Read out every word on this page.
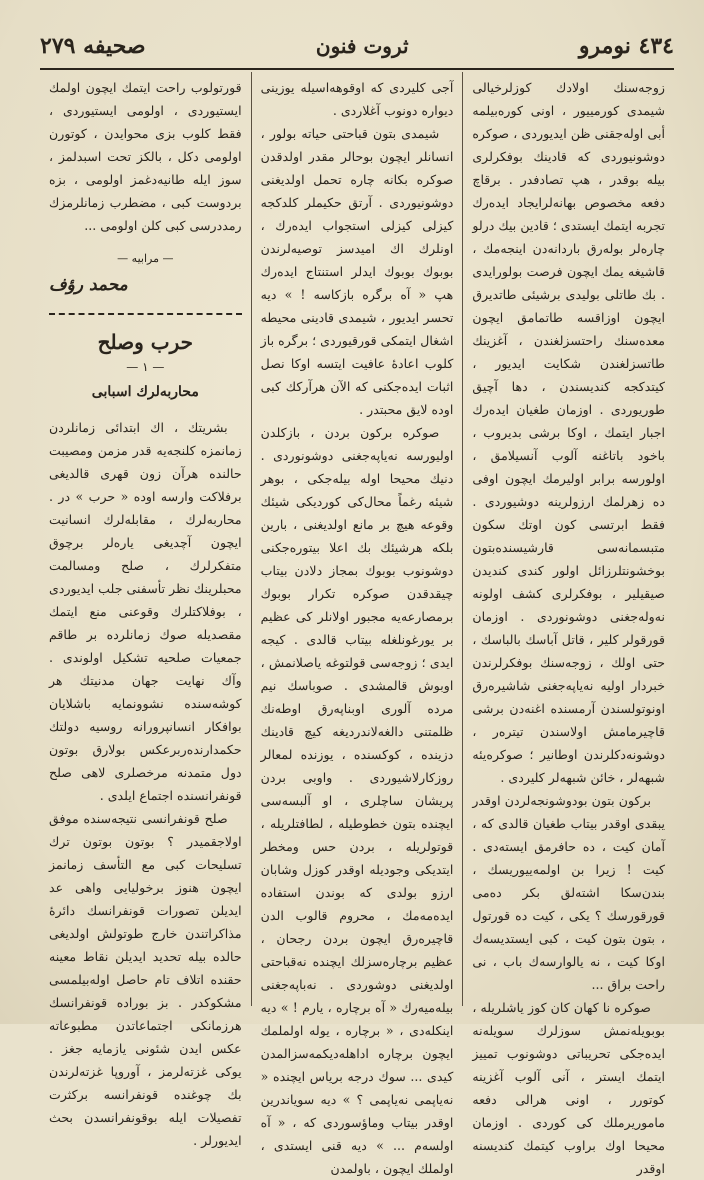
٤٣٤ نومرو
ثروت فنون
صحیفه ٢٧٩

زوجه‌سنك اولادك كوزلرخيالى شيمدى كورمیيور ، اونى كوره‌بيلمه‌ أبى اوله‌جقنى ظن ايديوردى ، صوكره دوشونيوردى كه قادينك بوفكرلرى بيله بوقدر ، هپ تصادفدر . برقاچ دفعه مخصوص بهانه‌لرايجاد ايده‌رك تجربه ايتمك ايستدى ؛ قادين بيك درلو چاره‌لر بوله‌رق باردانه‌دن اينجه‌مك ، قاشيغه يمك ايچون فرصت بولورايدى . بك طاتلى بوليدى برشيئى طاتديرق ايچون اوزاقسه طاتمامق ايچون معده‌سنك راحتسزلغندن ، آغزينك طاتسزلغندن شكايت ايديور ، كيتدكجه كنديسندن ، دها آچيق طوريوردى . اوزمان طغيان ايده‌رك اجبار ايتمك ، اوكا برشى بديروب ، باخود باتاغنه آلوب آنسيلامق ، اولورسه برابر اوليرمك ايچون اوفى ده زهرلمك ارزولرينه دوشيوردى . فقط ابرتسى كون اوتك سكون متبسمانه‌سى قارشيسنده‌بتون بوخشونتلرزائل اولور كندى كنديدن صيقيلير ، بوفكرلرى كشف اولونه‌ نه‌وله‌جغنى دوشونوردى . اوزمان قورقولر كلير ، قاتل آباسك بالباسك ، حتى اولك ، زوجه‌سنك بوفكرلرندن خبردار اوليه نه‌ياپه‌جغنى شاشيره‌رق اونوتولسندن آرمسنده اغنه‌دن برشى قاچيرمامش اولاسندن تيتره‌ر ، دوشونه‌دكلرندن اوطانير ؛ صوكره‌يئه شبهه‌لر ، خائن شبهه‌لر كليردى .

بركون بتون بودوشونجه‌لردن اوقدر يبقدى اوقدر بيتاب طغيان قالدى كه ، آمان كيت ، ده‌ حافرمق ايسته‌دى . كيت ! زيرا بن اولمه‌ييوريسك ، بندن‌سكا اشته‌لق بكر ده‌مى قورقورسك ؟ يكى ، كيت ده قورتول ، بتون بتون كيت ، كبى ايستديسه‌ك اوكا كيت ، نه‌ يالوارسه‌ك باب ، نى راحت براق ...

صوكره نا كهان كان كوز ياشلريله ، بوبويله‌نمش سوزلرك سويله‌نه ايده‌جكى تحريباتى دوشونوب تمييز ايتمك ايستر ، آنى آلوب آغزينه كوتورر ، اونى هرالى دفعه ماموريرملك كى كوردى . اوزمان محيحا اوك براوب كيتمك كنديسنه اوقدر

آجى كليردى كه اوقوهه‌اسيله يوزينى ديواره دونوب آغلاردى .

شيمدى بتون قباحتى حياته بولور ، انسانلر ايچون بوحالر مقدر اولدقدن صوكره بكانه چاره تحمل اولديغنى دوشونيوردى . آرتق حكيملر كلدكجه كيزلى كيزلى استجواب ايده‌رك ، اونلرك اك اميدسز توصيه‌لرندن بوبوك بوبوك ايدلر استنتاج ايده‌رك هپ « آه برگره بازكاسه ! » ديه تحسر ايديور ، شيمدى قادينى محيطه اشغال ايتمكى قورقيوردى ؛ برگره باز كلوب اعادۀ عافيت ايتسه اوكا نصل اثبات ايده‌جكنى كه الآن هرآركك كبى اوده لايق محبتدر .

صوكره بركون بردن ، بازكلدن اوليورسه نه‌ياپه‌جغنى دوشونوردى . دنيك محيحا اوله بيله‌جكى ، بوهر شيئه رغماً محال‌كى كورديكى شيئك وقوعه هيچ بر مانع اولديغنى ، بارين بلكه هرشيئك بك اعلا بيتوره‌جكنى دوشونوب بوبوك بمجاز دلادن بيتاب چيقدقدن صوكره تكرار بوبوك برمصارعه‌يه مجبور اولانلر كى عظيم بر يورغونلغله بيتاب قالدى . كيجه ايدى ؛ زوجه‌سى قولتوغه ياصلانمش ، اوبوش قالمشدى . صوباسك نيم مرده آلورى اوبناپه‌رق اوطه‌نك ظلمتنى دالغه‌لاندرديغه كيچ قادينك دزينده ، كوكسنده ، يوزنده لمعالر روزكارلاشيوردى . واوبى بردن پريشان ساچلرى ، او آلبسه‌سى ايچنده بتون خطوطيله ، لطافتلريله ، قوتولريله ، بردن حس ومخطر ايتديكى وجوديله اوقدر كوزل وشابان ارزو بولدى كه بوندن استفاده ايده‌مه‌مك ، محروم قالوب الدن قاچيره‌رق ايچون بردن رجحان ، عظيم برچاره‌سزلك ايچنده نه‌قباحتى اولديغنى دوشوردى . نه‌باپه‌جغنى بيله‌ميه‌رك « آه برچاره ، يارم ! » ديه اينكله‌دى ، « برچاره ، يوله اولملمك ايچون برچاره‌ اداهله‌ديكمه‌سزالمدن كيدى ... سوك درجه برياس ايچنده « نه‌ياپمى نه‌ياپمى ؟ » ديه سوياندرين اوقدر بيتاب وماؤسوردى كه ، « آه اولسه‌م ... » ديه قنى ايستدى ، اولملك ايچون ، باولمدن

قورتولوب راحت ايتمك ايچون اولمك ايستيوردى ، اولومى ايستيوردى ، فقط كلوب بزى محوايدن ، كوتورن اولومى دكل ، بالكز تحت اسبدلمز ، سوز ايله طانيه‌دغمز اولومى ، بزه بردوست كبى ، مضطرب زمانلرمزك رمددرسى كبى كلن اولومى ...

— مرابيه —
محمد رؤف
حرب وصلح
— ١ —
محاربه‌لرك اسبابى

بشريتك ، اك ابتدائى زمانلردن زمانمزه كلنجه‌يه قدر مزمن ومصيبت حالنده هرآن زون قهرى قالديغى برفلاكت وارسه اوده « حرب » در . محاربه‌لرك ، مقابله‌لرك انسانيت ايچون آچديغى يارەلر برچوق متفكرلرك ، صلح ومسالمت محبلرينك نظر تأسفنى جلب ايديوردى ، بوفلاكتلرك وقوعنى منع ايتمك مقصديله صوك زمانلرده بر طاقم جمعيات صلحيه تشكيل اولوندى . وآك نهايت جهان مدنيتك هر كوشه‌سنده نشوونمايه باشلايان بوافكار انسانپرورانه روسيه دولتك حكمدارنده‌ربرعكس بولارق بوتون دول متمدنه مرخصلرى لاهى صلح قونفرانسنده اجتماع ايلدى .

صلح قونفرانسى نتيجه‌سنده موفق اولاجقميدر ؟ بوتون بوتون ترك تسليحات كبى مع التأسف زمانمز ايچون هنوز برخوليايى واهى عد ايديلن تصورات قونفرانسك دائرۀ مذاكراتندن خارج طوتولش اولديغى حالده بيله تحديد ايديلن نقاط معينه حقنده اتلاف تام حاصل اوله‌بيلمسى مشكوكدر . بز بوراده قونفرانسك هرزمانكى اجتماعاتدن مطبوعاته عكس ايدن شئونى يازمايه جغز . يوكى غزته‌لرمز ، آوروپا غزته‌لرندن بك چوغنده قونفرانسه بركثرت تفصيلات ايله بوقونفرانسدن بحث ايديورلر .
